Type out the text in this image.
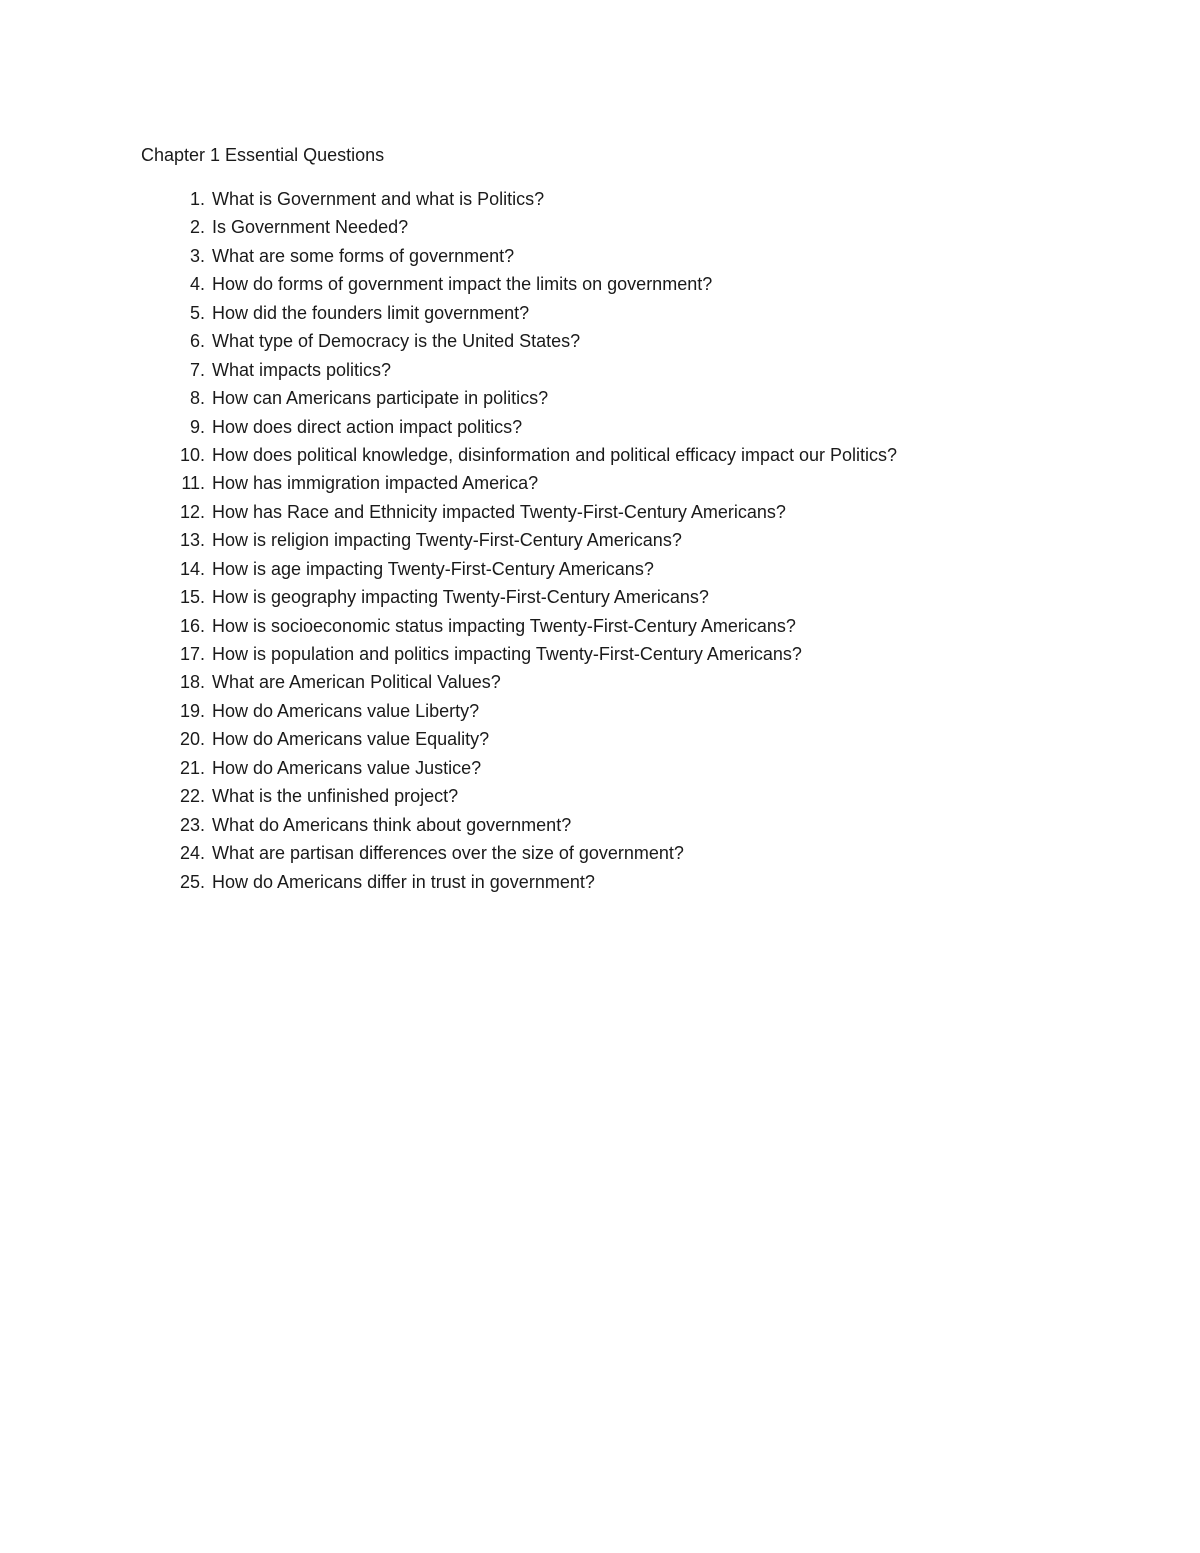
Chapter 1 Essential Questions
1. What is Government and what is Politics?
2. Is Government Needed?
3. What are some forms of government?
4. How do forms of government impact the limits on government?
5. How did the founders limit government?
6. What type of Democracy is the United States?
7. What impacts politics?
8. How can Americans participate in politics?
9. How does direct action impact politics?
10. How does political knowledge, disinformation and political efficacy impact our Politics?
11. How has immigration impacted America?
12. How has Race and Ethnicity impacted Twenty-First-Century Americans?
13. How is religion impacting Twenty-First-Century Americans?
14. How is age impacting Twenty-First-Century Americans?
15. How is geography impacting Twenty-First-Century Americans?
16. How is socioeconomic status impacting Twenty-First-Century Americans?
17. How is population and politics impacting Twenty-First-Century Americans?
18. What are American Political Values?
19. How do Americans value Liberty?
20. How do Americans value Equality?
21. How do Americans value Justice?
22. What is the unfinished project?
23. What do Americans think about government?
24. What are partisan differences over the size of government?
25. How do Americans differ in trust in government?
